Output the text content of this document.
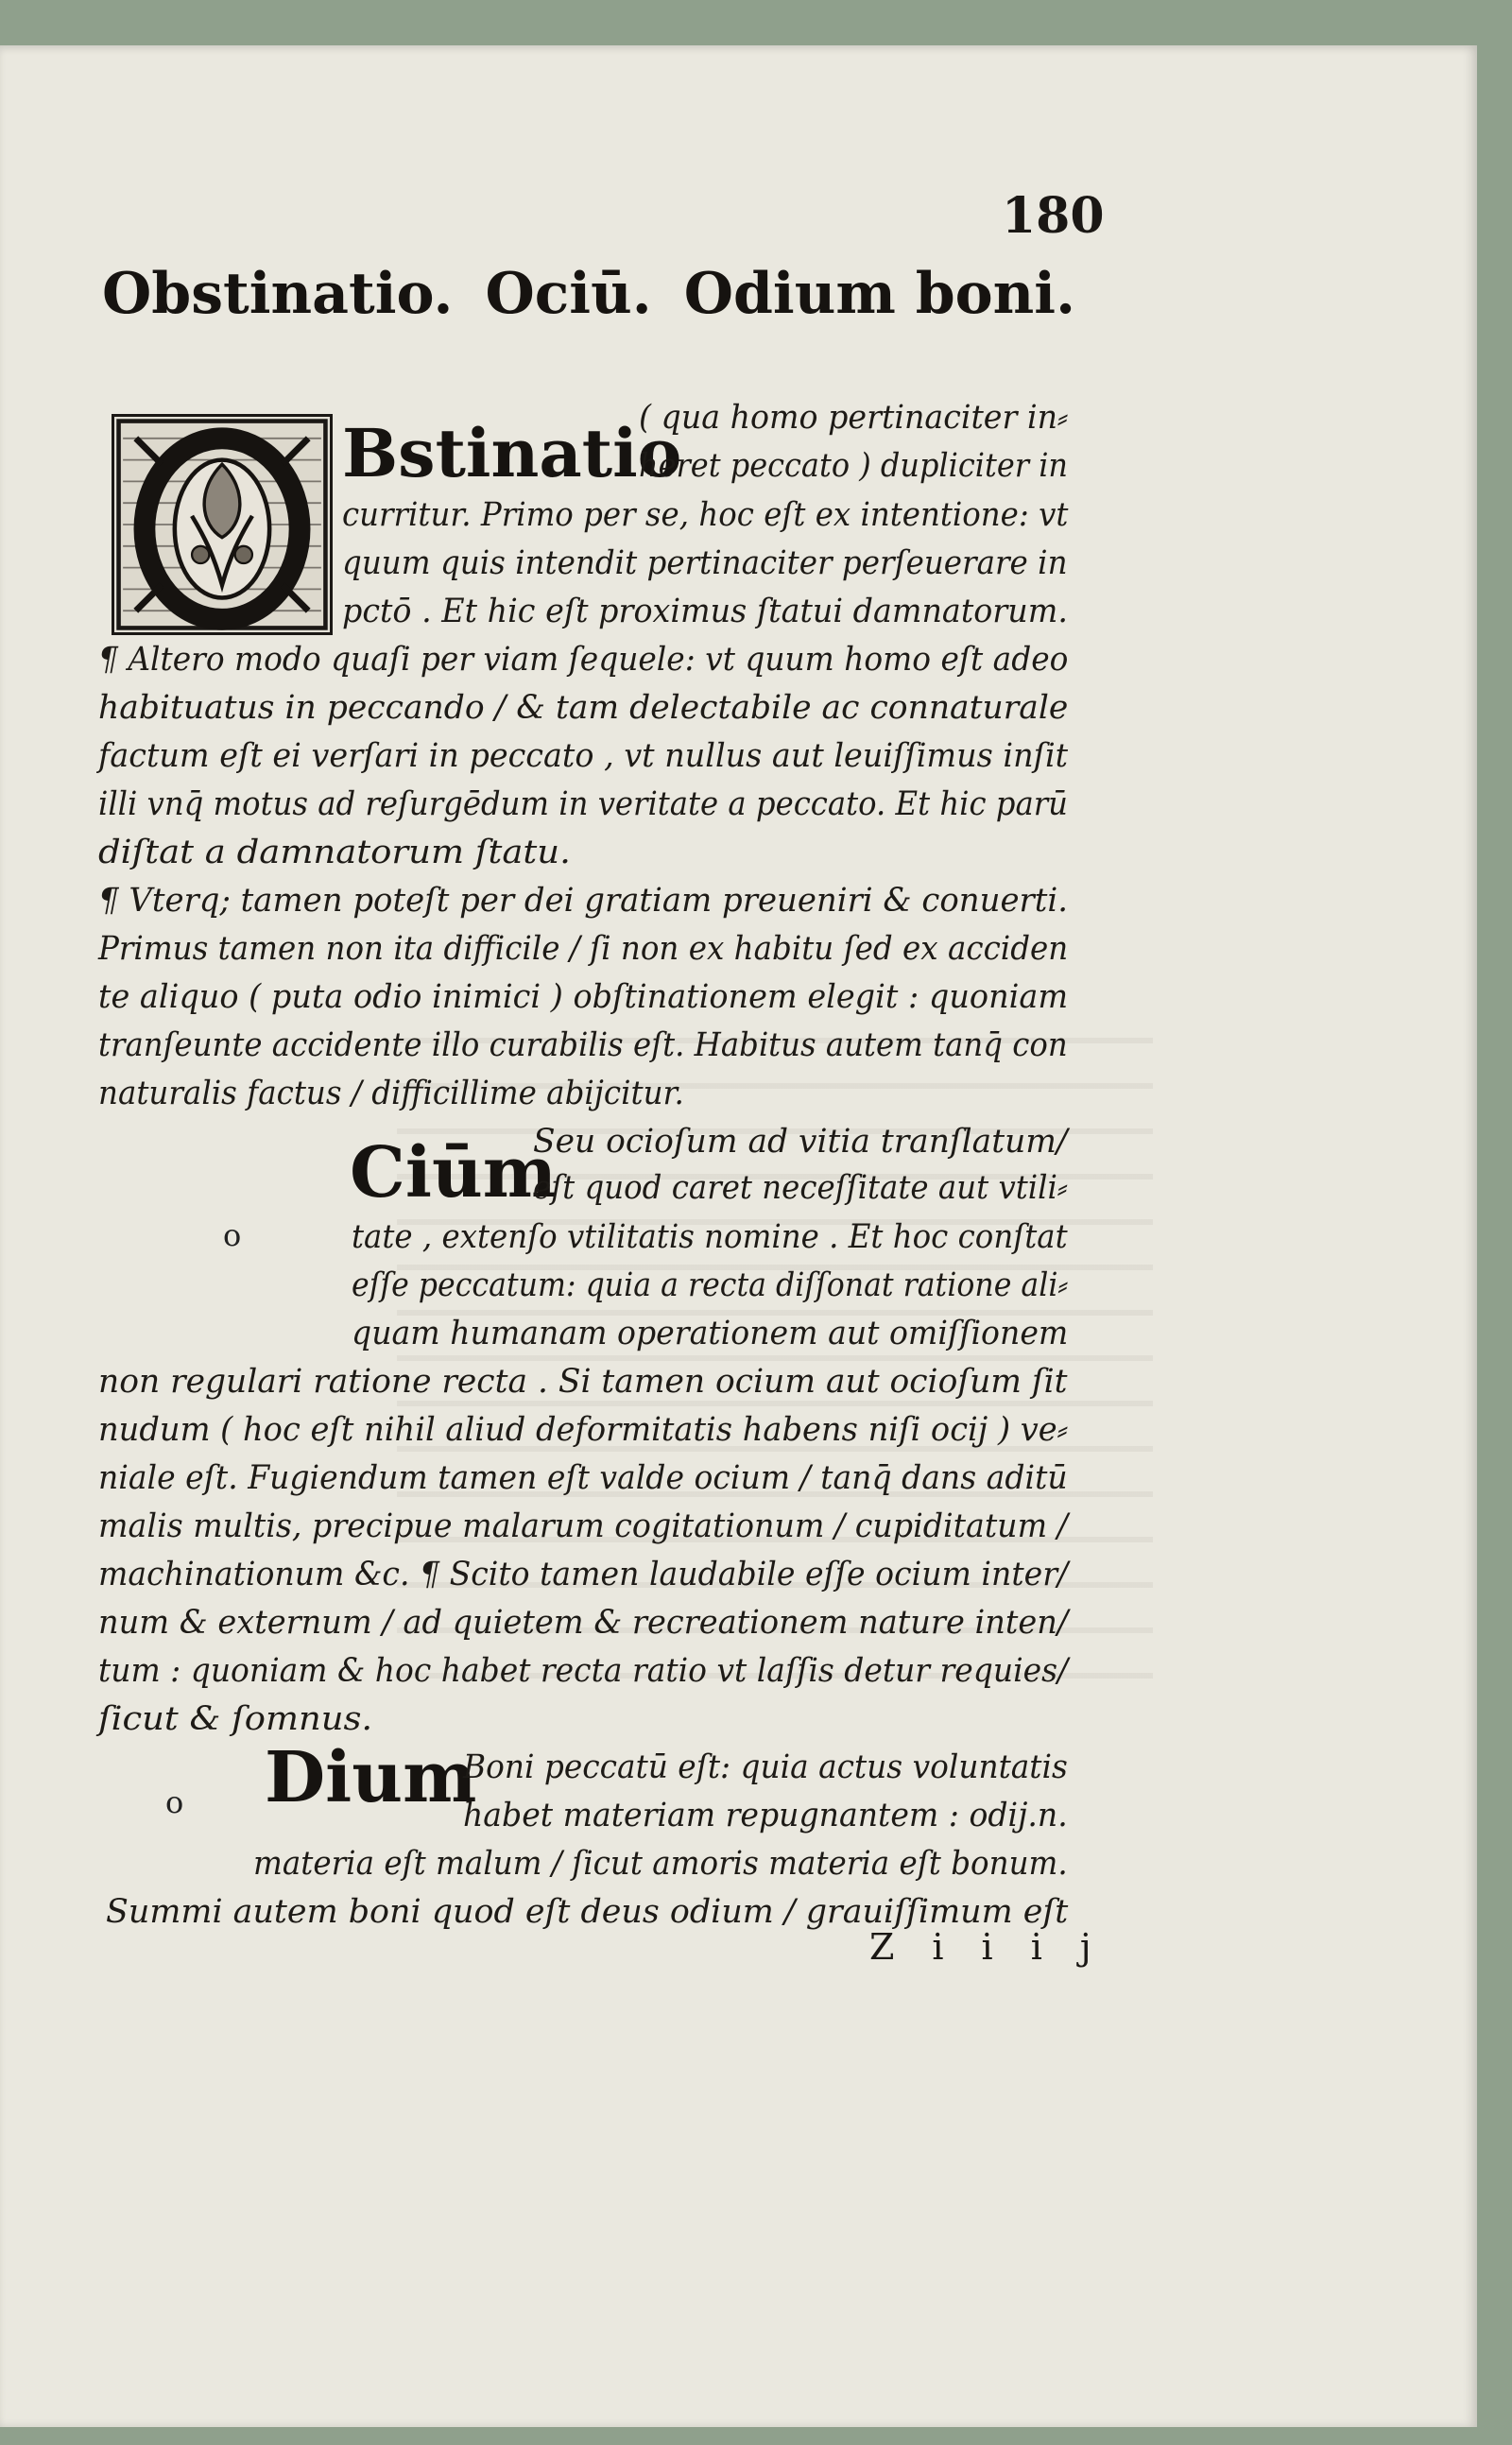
180
Obstinatio. Ociū. Odium boni.
Bstinatio
Ciūm
Dium
o
o
( qua homo pertinaciter in⸗
heret peccato ) dupliciter in
curritur. Primo per se, hoc eſt ex intentione: vt
quum quis intendit pertinaciter perſeuerare in
pctō . Et hic eſt proximus ſtatui damnatorum.
¶ Altero modo quaſi per viam ſequele: vt quum homo eſt adeo
habituatus in peccando / & tam delectabile ac connaturale
factum eſt ei verſari in peccato , vt nullus aut leuiſſimus inſit
illi vnq̄ motus ad reſurgēdum in veritate a peccato. Et hic parū
diſtat a damnatorum ſtatu.
¶ Vterq; tamen poteſt per dei gratiam preueniri & conuerti.
Primus tamen non ita difficile / ſi non ex habitu ſed ex acciden
te aliquo ( puta odio inimici ) obſtinationem elegit : quoniam
tranſeunte accidente illo curabilis eſt. Habitus autem tanq̄ con
naturalis factus / difficillime abijcitur.
Seu ocioſum ad vitia tranſlatum/
eſt quod caret neceſſitate aut vtili⸗
tate , extenſo vtilitatis nomine . Et hoc conſtat
eſſe peccatum: quia a recta diſſonat ratione ali⸗
quam humanam operationem aut omiſſionem
non regulari ratione recta . Si tamen ocium aut ocioſum ſit
nudum ( hoc eſt nihil aliud deformitatis habens niſi ocij ) ve⸗
niale eſt. Fugiendum tamen eſt valde ocium / tanq̄ dans aditū
malis multis, precipue malarum cogitationum / cupiditatum /
machinationum &c. ¶ Scito tamen laudabile eſſe ocium inter/
num & externum / ad quietem & recreationem nature inten/
tum : quoniam & hoc habet recta ratio vt laſſis detur requies/
ſicut & ſomnus.
Boni peccatū eſt: quia actus voluntatis
habet materiam repugnantem : odij.n.
materia eſt malum / ſicut amoris materia eſt bonum.
Summi autem boni quod eſt deus odium / grauiſſimum eſt
Ziiij
